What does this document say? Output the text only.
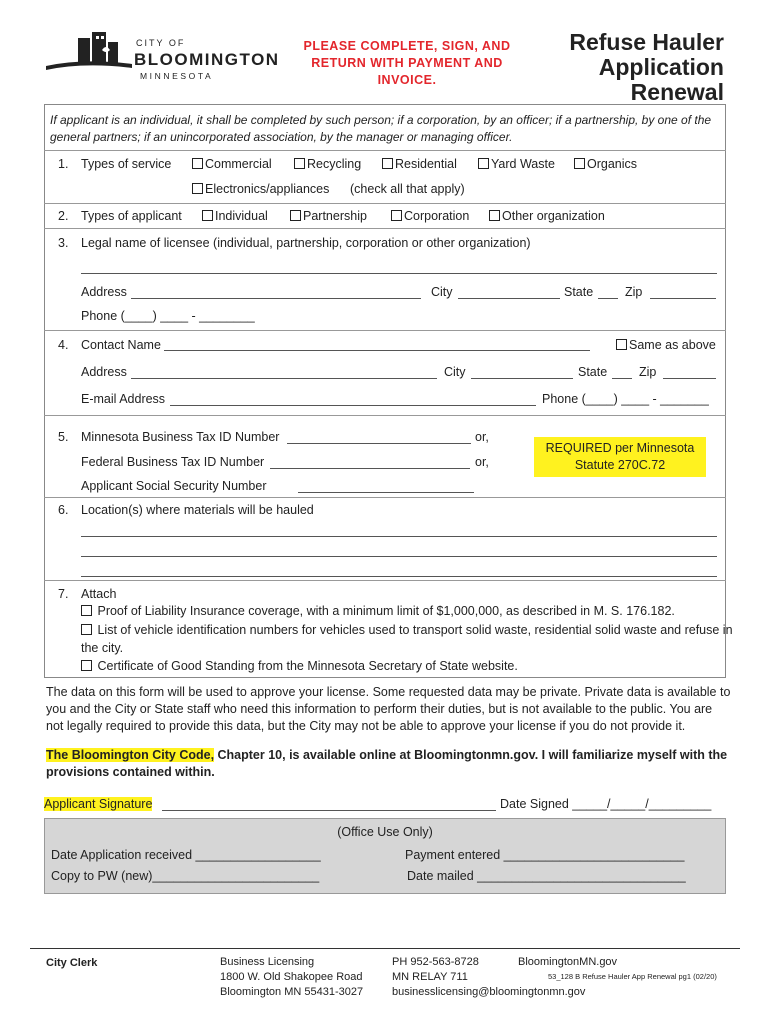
CITY OF
BLOOMINGTON
MINNESOTA
PLEASE COMPLETE, SIGN, AND RETURN WITH PAYMENT AND INVOICE.
Refuse Hauler
Application
Renewal
If applicant is an individual, it shall be completed by such person; if a corporation, by an officer; if a partnership, by one of the general partners; if an unincorporated association, by the manager or managing officer.
1. Types of service	Commercial	Recycling	Residential	Yard Waste	Organics
Electronics/appliances (check all that apply)
2. Types of applicant	Individual	Partnership	Corporation	Other organization
3. Legal name of licensee (individual, partnership, corporation or other organization)
Address	City	State	Zip
Phone (____) ____ - ________
4. Contact Name	Same as above
Address	City	State	Zip
E-mail Address	Phone (____) ____ - _______
5. Minnesota Business Tax ID Number	or,
Federal Business Tax ID Number	or,
Applicant Social Security Number
REQUIRED per Minnesota Statute 270C.72
6. Location(s) where materials will be hauled
7. Attach
Proof of Liability Insurance coverage, with a minimum limit of $1,000,000, as described in M. S. 176.182.
List of vehicle identification numbers for vehicles used to transport solid waste, residential solid waste and refuse in
the city.
Certificate of Good Standing from the Minnesota Secretary of State website.
The data on this form will be used to approve your license. Some requested data may be private. Private data is available to you and the City or State staff who need this information to perform their duties, but is not available to the public. You are not legally required to provide this data, but the City may not be able to approve your license if you do not provide it.
The Bloomington City Code, Chapter 10, is available online at Bloomingtonmn.gov. I will familiarize myself with the provisions contained within.
Applicant Signature	Date Signed _____/_____/_________
(Office Use Only)
Date Application received __________________	Payment entered __________________________
Copy to PW (new)________________________	Date mailed ______________________________
City Clerk	Business Licensing
1800 W. Old Shakopee Road
Bloomington MN 55431-3027
PH 952-563-8728
MN RELAY 711
businesslicensing@bloomingtonmn.gov
BloomingtonMN.gov
53_128 B Refuse Hauler App Renewal pg1 (02/20)
